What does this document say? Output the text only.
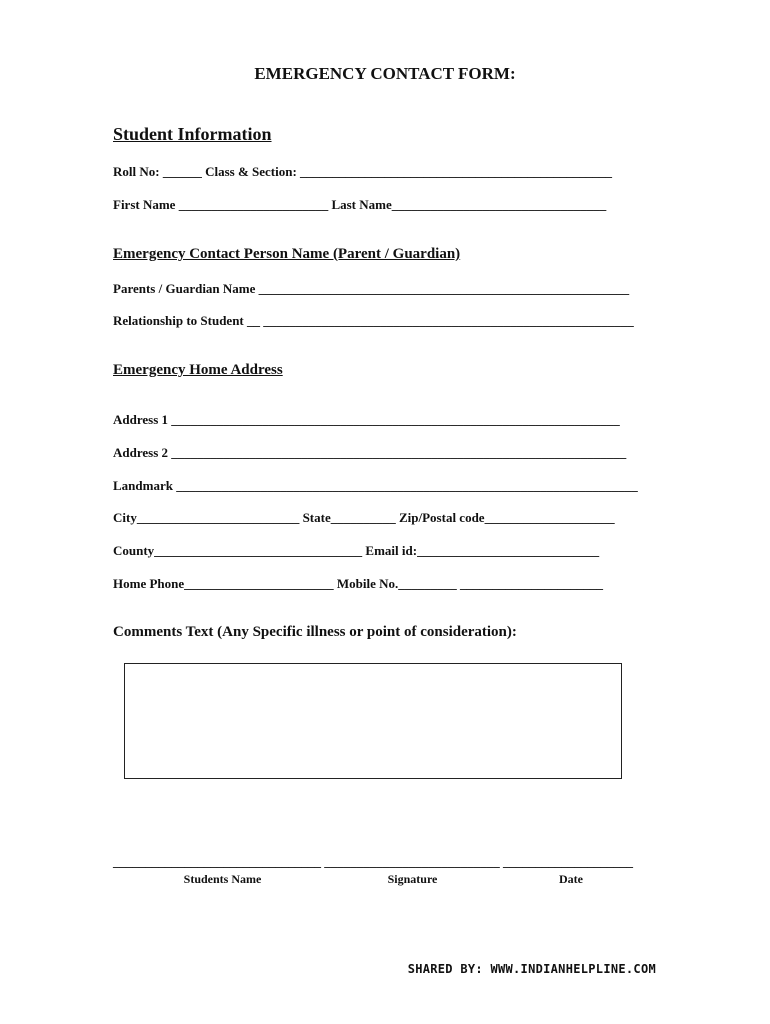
EMERGENCY CONTACT FORM:
Student Information
Roll No: ______ Class & Section: ________________________________________________
First Name _______________________ Last Name_________________________________
Emergency Contact Person Name (Parent / Guardian)
Parents / Guardian Name _________________________________________________________
Relationship to Student __ _________________________________________________________
Emergency Home Address
Address 1 _____________________________________________________________________
Address 2 ______________________________________________________________________
Landmark _______________________________________________________________________
City_________________________ State__________ Zip/Postal code____________________
County________________________________ Email id:____________________________
Home Phone_______________________ Mobile No._________ ______________________
Comments Text (Any Specific illness or point of consideration):
________________________________ ___________________________ ____________________
Students Name	Signature	Date
SHARED BY: WWW.INDIANHELPLINE.COM
